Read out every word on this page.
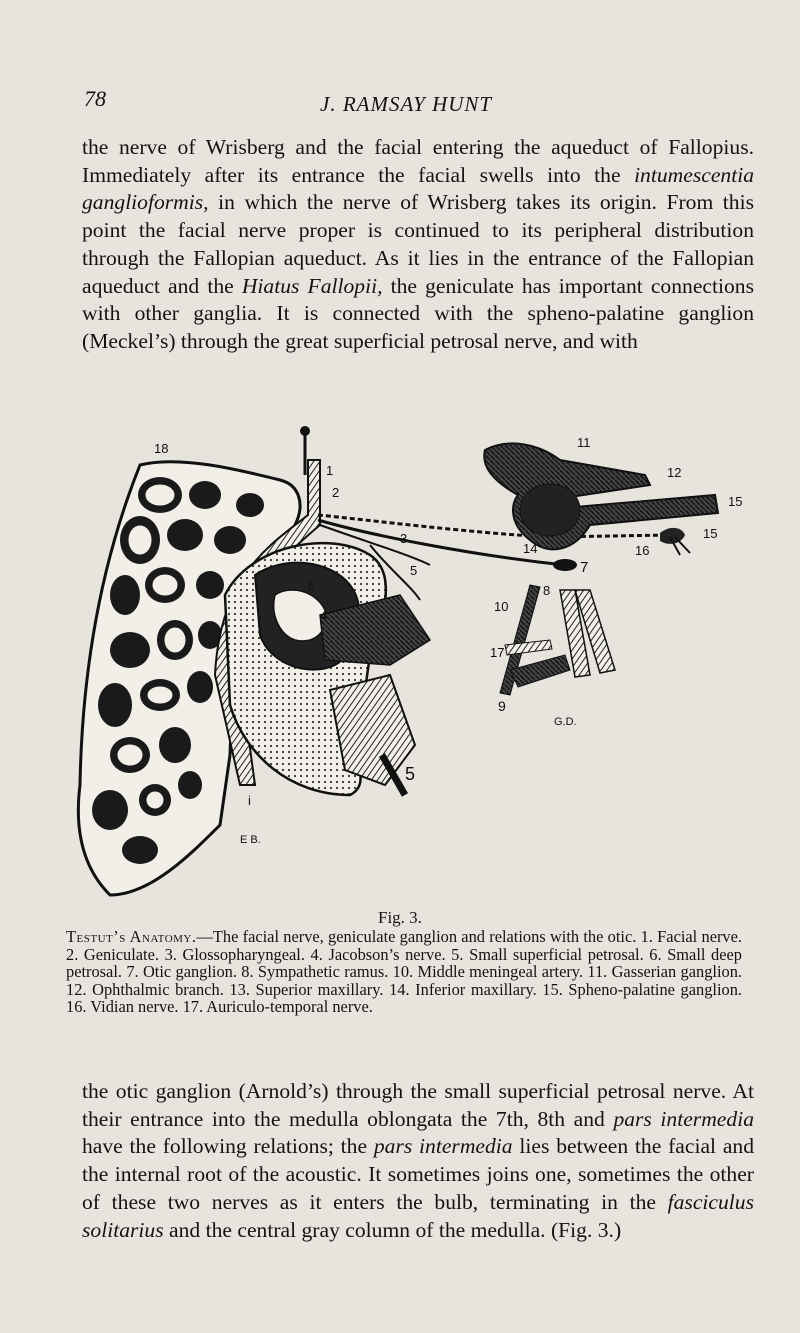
78	J. RAMSAY HUNT

the nerve of Wrisberg and the facial entering the aqueduct of Fallopius. Immediately after its entrance the facial swells into the intumescentia ganglioformis, in which the nerve of Wrisberg takes its origin. From this point the facial nerve proper is continued to its peripheral distribution through the Fallopian aqueduct. As it lies in the entrance of the Fallopian aqueduct and the Hiatus Fallopii, the geniculate has important connections with other ganglia. It is connected with the spheno-palatine ganglion (Meckel’s) through the great superficial petrosal nerve, and with

18
1
2
3
4
5
6
5
7
8
9
10
11
12
14
15
15
16
17
i
G.D.
E B.
Fig. 3.

Testut’s Anatomy.—The facial nerve, geniculate ganglion and relations with the otic. 1. Facial nerve. 2. Geniculate. 3. Glossopharyngeal. 4. Jacobson’s nerve. 5. Small superficial petrosal. 6. Small deep petrosal. 7. Otic ganglion. 8. Sympathetic ramus. 10. Middle meningeal artery. 11. Gasserian ganglion. 12. Ophthalmic branch. 13. Superior maxillary. 14. Inferior maxillary. 15. Spheno-palatine ganglion. 16. Vidian nerve. 17. Auriculo-temporal nerve.

the otic ganglion (Arnold’s) through the small superficial petrosal nerve. At their entrance into the medulla oblongata the 7th, 8th and pars intermedia have the following relations; the pars intermedia lies between the facial and the internal root of the acoustic. It sometimes joins one, sometimes the other of these two nerves as it enters the bulb, terminating in the fasciculus solitarius and the central gray column of the medulla. (Fig. 3.)
